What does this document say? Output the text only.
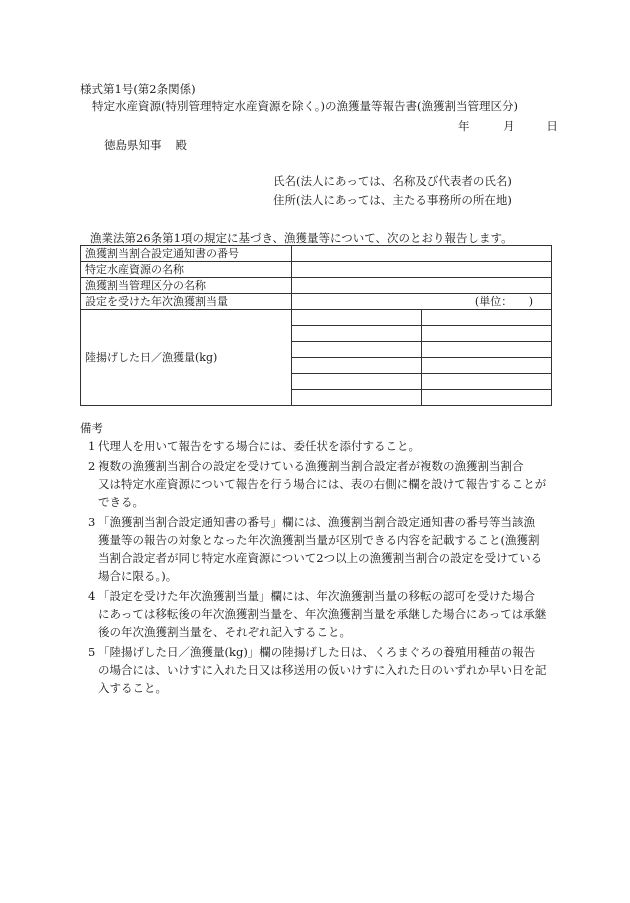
様式第1号(第2条関係)
特定水産資源(特別管理特定水産資源を除く。)の漁獲量等報告書(漁獲割当管理区分)
年	月	日
徳島県知事 殿
氏名(法人にあっては、名称及び代表者の氏名)
住所(法人にあっては、主たる事務所の所在地)
漁業法第26条第1項の規定に基づき、漁獲量等について、次のとおり報告します。
漁獲割当割合設定通知書の番号		
特定水産資源の名称		
漁獲割当管理区分の名称		
設定を受けた年次漁獲割当量	(単位：　　)	
陸揚げした日／漁獲量(kg)		

備考
1 代理人を用いて報告をする場合には、委任状を添付すること。
2 複数の漁獲割当割合の設定を受けている漁獲割当割合設定者が複数の漁獲割当割合
又は特定水産資源について報告を行う場合には、表の右側に欄を設けて報告することが
できる。
3 「漁獲割当割合設定通知書の番号」欄には、漁獲割当割合設定通知書の番号等当該漁
獲量等の報告の対象となった年次漁獲割当量が区別できる内容を記載すること(漁獲割
当割合設定者が同じ特定水産資源について2つ以上の漁獲割当割合の設定を受けている
場合に限る。)。
4 「設定を受けた年次漁獲割当量」欄には、年次漁獲割当量の移転の認可を受けた場合
にあっては移転後の年次漁獲割当量を、年次漁獲割当量を承継した場合にあっては承継
後の年次漁獲割当量を、それぞれ記入すること。
5 「陸揚げした日／漁獲量(kg)」欄の陸揚げした日は、くろまぐろの養殖用種苗の報告
の場合には、いけすに入れた日又は移送用の仮いけすに入れた日のいずれか早い日を記
入すること。
